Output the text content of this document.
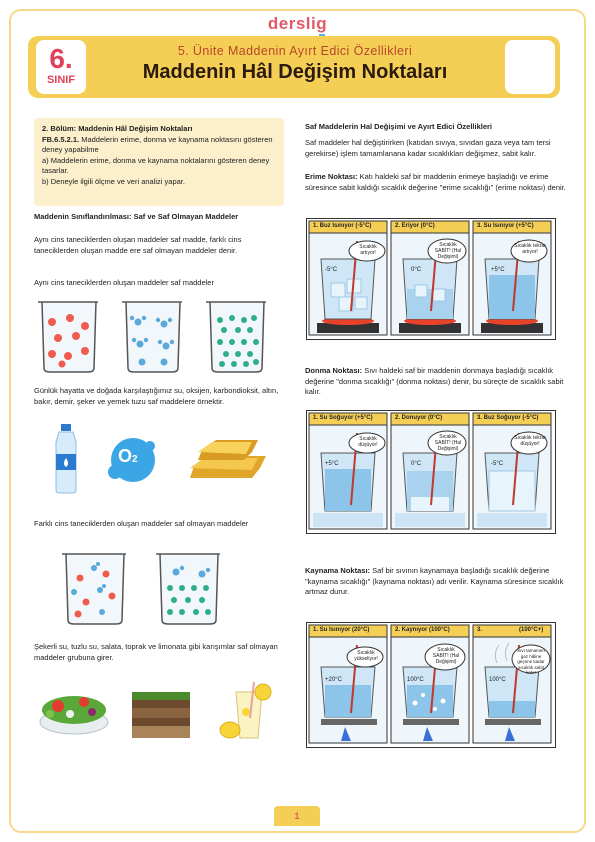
derslig
6.
SINIF
5. Ünite Maddenin Ayırt Edici Özellikleri
Maddenin Hâl Değişim Noktaları
2. Bölüm: Maddenin Hâl Değişim Noktaları
FB.6.5.2.1. Maddelerin erime, donma ve kaynama noktasını gösteren deney yapabilme
a) Maddelerin erime, donma ve kaynama noktalarını gösteren deney tasarlar.
b) Deneyle ilgili ölçme ve veri analizi yapar.
Maddenin Sınıflandırılması: Saf ve Saf Olmayan Maddeler
Aynı cins taneciklerden oluşan maddeler saf madde, farklı cins taneciklerden oluşan madde ere saf olmayan maddeler denir.
Aynı cins taneciklerden oluşan maddeler saf maddeler
Günlük hayatta ve doğada karşılaştığımız su, oksijen, karbondioksit, altın, bakır, demir, şeker ve yemek tuzu saf maddelere örnektir.
O2
Farklı cins taneciklerden oluşan maddeler saf olmayan maddeler
Şekerli su, tuzlu su, salata, toprak ve limonata gibi karışımlar saf olmayan maddeler grubuna girer.
Saf Maddelerin Hal Değişimi ve Ayırt Edici Özellikleri
Saf maddeler hal değiştirirken (katıdan sıvıya, sıvıdan gaza veya tam tersi gerekirse) işlem tamamlanana kadar sıcaklıkları değişmez, sabit kalır.
Erime Noktası: Katı haldeki saf bir maddenin erimeye başladığı ve erime süresince sabit kaldığı sıcaklık değerine "erime sıcaklığı" (erime noktası) denir.
1. Buz Isınıyor (-5°C)	2. Eriyor (0°C)	3. Su Isınıyor (+5°C)
Sıcaklık artıyor!
Sıcaklık SABİT! (Hal Değişimi)
Sıcaklık tekrar artıyor!
-5°C	0°C	+5°C
Donma Noktası: Sıvı haldeki saf bir maddenin donmaya başladığı sıcaklık değerine "donma sıcaklığı" (donma noktası) denir, bu süreçte de sıcaklık sabit kalır.
1. Su Soğuyor (+5°C)	2. Donuyor (0°C)	3. Buz Soğuyor (-5°C)
Sıcaklık düşüyor!
Sıcaklık SABİT! (Hal Değişimi)
Sıcaklık tekrar düşüyor!
+5°C	0°C	-5°C
Kaynama Noktası: Saf bir sıvının kaynamaya başladığı sıcaklık değerine "kaynama sıcaklığı" (kaynama noktası) adı verilir. Kaynama süresince sıcaklık artmaz durur.
1. Su Isınıyor (20°C)	2. Kaynıyor (100°C)	3.	(100°C+)
Sıcaklık yükseliyor!
Sıcaklık SABİT! (Hal Değişimi)
Sıvı tamamen gaz hâline geçene kadar sıcaklık sabit kalır!
+20°C	100°C	100°C
1
